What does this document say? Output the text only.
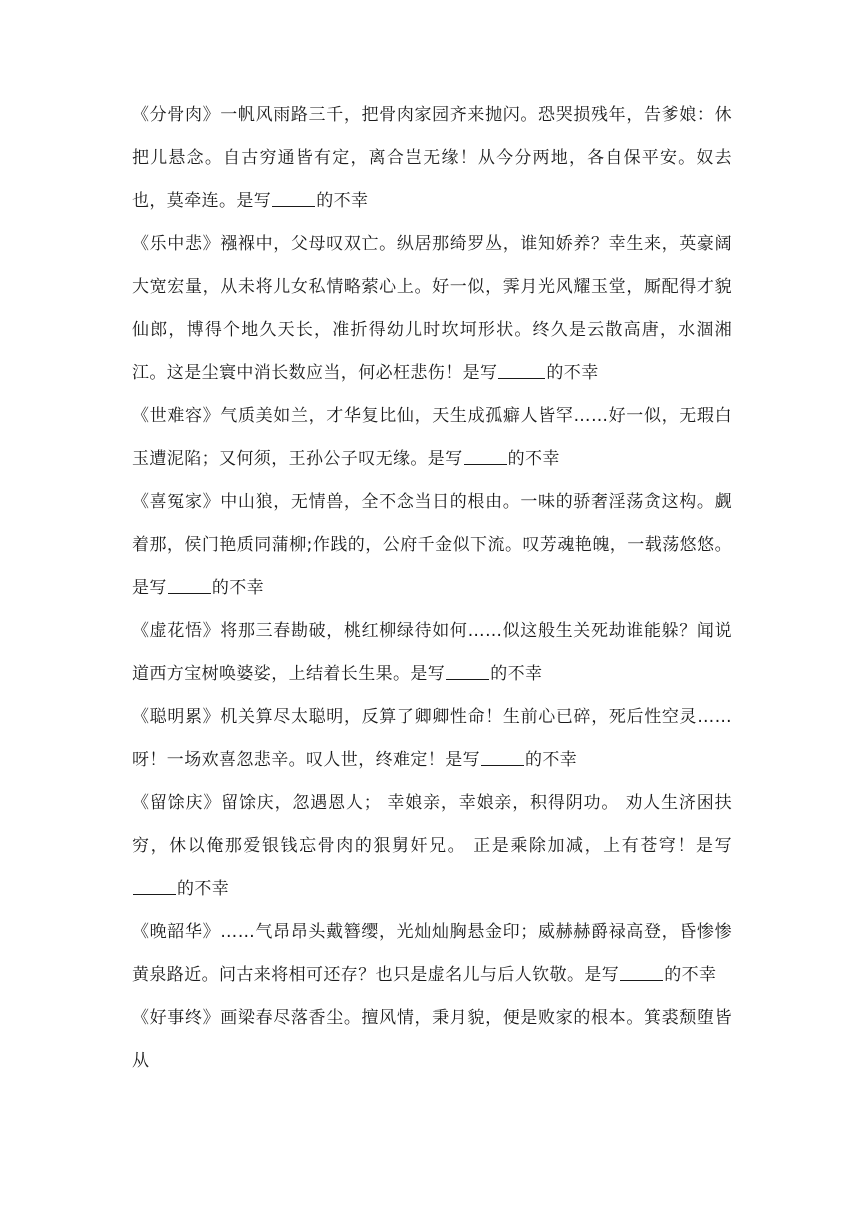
《分骨肉》一帆风雨路三千，把骨肉家园齐来抛闪。恐哭损残年，告爹娘：休把儿悬念。自古穷通皆有定，离合岂无缘！从今分两地，各自保平安。奴去也，莫牵连。是写	的不幸

《乐中悲》襁褓中，父母叹双亡。纵居那绮罗丛，谁知娇养？幸生来，英豪阔大宽宏量，从未将儿女私情略萦心上。好一似，霁月光风耀玉堂，厮配得才貌仙郎，博得个地久天长，准折得幼儿时坎坷形状。终久是云散高唐，水涸湘江。这是尘寰中消长数应当，何必枉悲伤！是写	的不幸

《世难容》气质美如兰，才华复比仙，天生成孤癖人皆罕……好一似，无瑕白玉遭泥陷；又何须，王孙公子叹无缘。是写	的不幸

《喜冤家》中山狼，无情兽，全不念当日的根由。一味的骄奢淫荡贪这构。觑着那，侯门艳质同蒲柳;作践的，公府千金似下流。叹芳魂艳魄，一载荡悠悠。是写	的不幸

《虚花悟》将那三春勘破，桃红柳绿待如何……似这般生关死劫谁能躲？闻说道西方宝树唤婆娑，上结着长生果。是写	的不幸

《聪明累》机关算尽太聪明，反算了卿卿性命！生前心已碎，死后性空灵……呀！一场欢喜忽悲辛。叹人世，终难定！是写	的不幸

《留馀庆》留馀庆，忽遇恩人； 幸娘亲，幸娘亲，积得阴功。 劝人生济困扶穷，休以俺那爱银钱忘骨肉的狠舅奸兄。 正是乘除加减，上有苍穹！是写的不幸

《晚韶华》……气昂昂头戴簪缨，光灿灿胸悬金印；威赫赫爵禄高登，昏惨惨黄泉路近。问古来将相可还存？也只是虚名儿与后人钦敬。是写	的不幸

《好事终》画梁春尽落香尘。擅风情，秉月貌，便是败家的根本。箕裘颓堕皆从
